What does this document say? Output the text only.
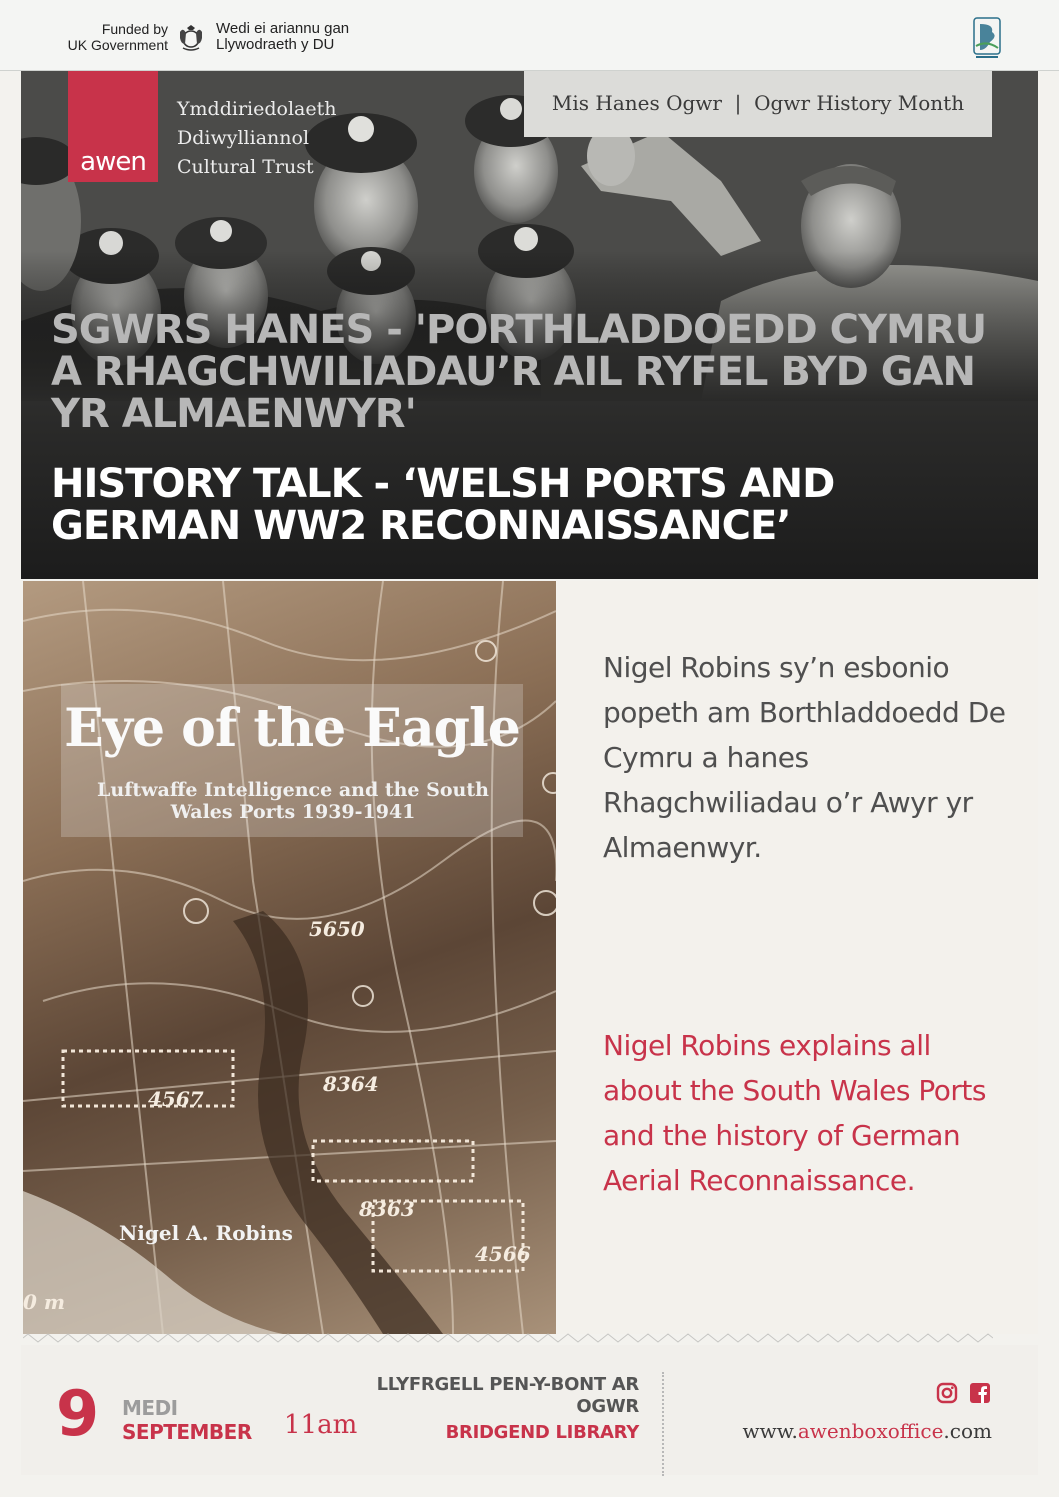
Funded by
UK Government
Wedi ei ariannu gan
Llywodraeth y DU
awen
Ymddiriedolaeth
Ddiwylliannol
Cultural Trust
Mis Hanes Ogwr  |  Ogwr History Month
SGWRS HANES - 'PORTHLADDOEDD CYMRU A RHAGCHWILIADAU’R AIL RYFEL BYD GAN YR ALMAENWYR'
HISTORY TALK - ‘WELSH PORTS AND GERMAN WW2 RECONNAISSANCE’
5650
8364
4567
8363
4566
0 m
Eye of the Eagle
Luftwaffe Intelligence and the South
Wales Ports 1939-1941
Nigel A. Robins
Nigel Robins sy’n esbonio popeth am Borthladdoedd De Cymru a hanes Rhagchwiliadau o’r Awyr yr Almaenwyr.
Nigel Robins explains all about the South Wales Ports and the history of German Aerial Reconnaissance.
9 MEDI
SEPTEMBER 11am
LLYFRGELL PEN-Y-BONT AR OGWR
BRIDGEND LIBRARY	www.awenboxoffice.com
